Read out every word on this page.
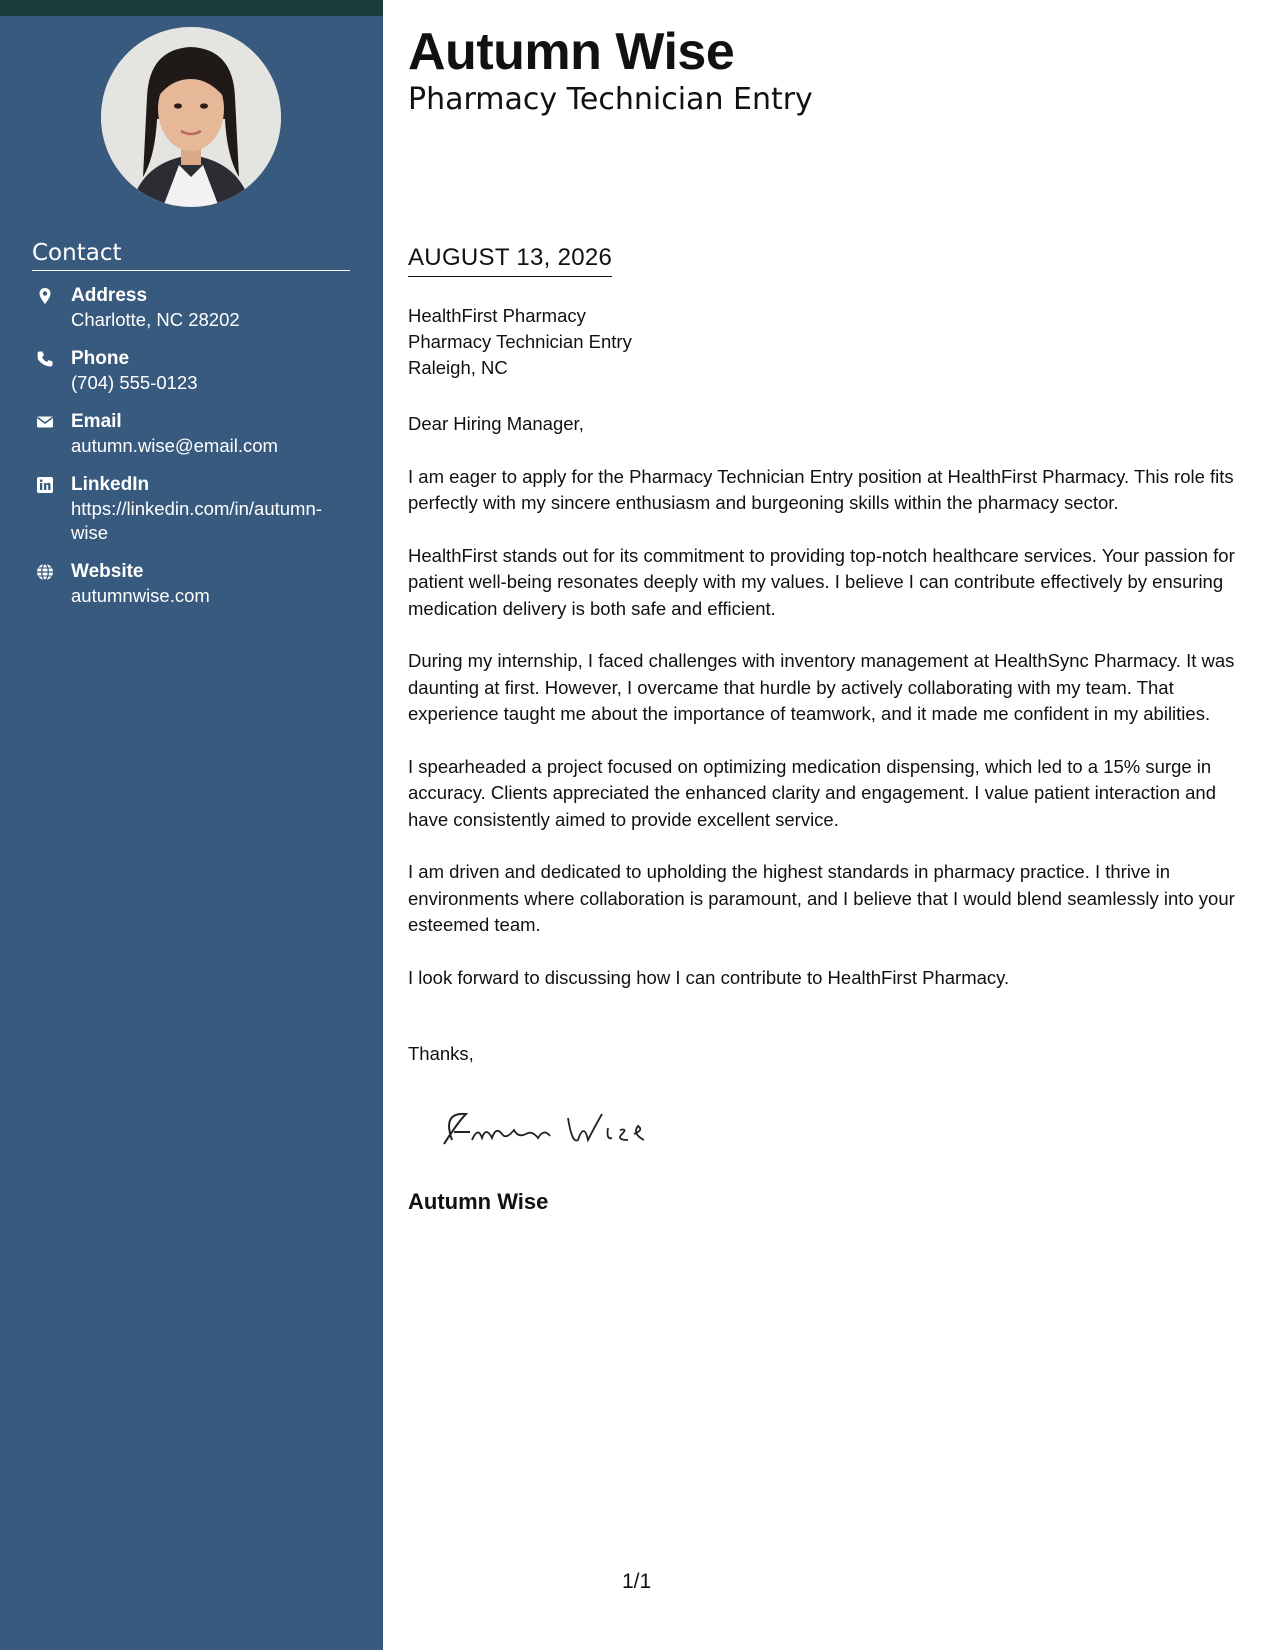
Contact
Address
Charlotte, NC 28202
Phone
(704) 555-0123
Email
autumn.wise@email.com
LinkedIn
https://linkedin.com/in/autumn-wise
Website
autumnwise.com
Autumn Wise
Pharmacy Technician Entry
AUGUST 13, 2026
HealthFirst Pharmacy
Pharmacy Technician Entry
Raleigh, NC

Dear Hiring Manager,

I am eager to apply for the Pharmacy Technician Entry position at HealthFirst Pharmacy. This role fits perfectly with my sincere enthusiasm and burgeoning skills within the pharmacy sector.

HealthFirst stands out for its commitment to providing top-notch healthcare services. Your passion for patient well-being resonates deeply with my values. I believe I can contribute effectively by ensuring medication delivery is both safe and efficient.

During my internship, I faced challenges with inventory management at HealthSync Pharmacy. It was daunting at first. However, I overcame that hurdle by actively collaborating with my team. That experience taught me about the importance of teamwork, and it made me confident in my abilities.

I spearheaded a project focused on optimizing medication dispensing, which led to a 15% surge in accuracy. Clients appreciated the enhanced clarity and engagement. I value patient interaction and have consistently aimed to provide excellent service.

I am driven and dedicated to upholding the highest standards in pharmacy practice. I thrive in environments where collaboration is paramount, and I believe that I would blend seamlessly into your esteemed team.

I look forward to discussing how I can contribute to HealthFirst Pharmacy.

Thanks,
Autumn Wise
1/1
